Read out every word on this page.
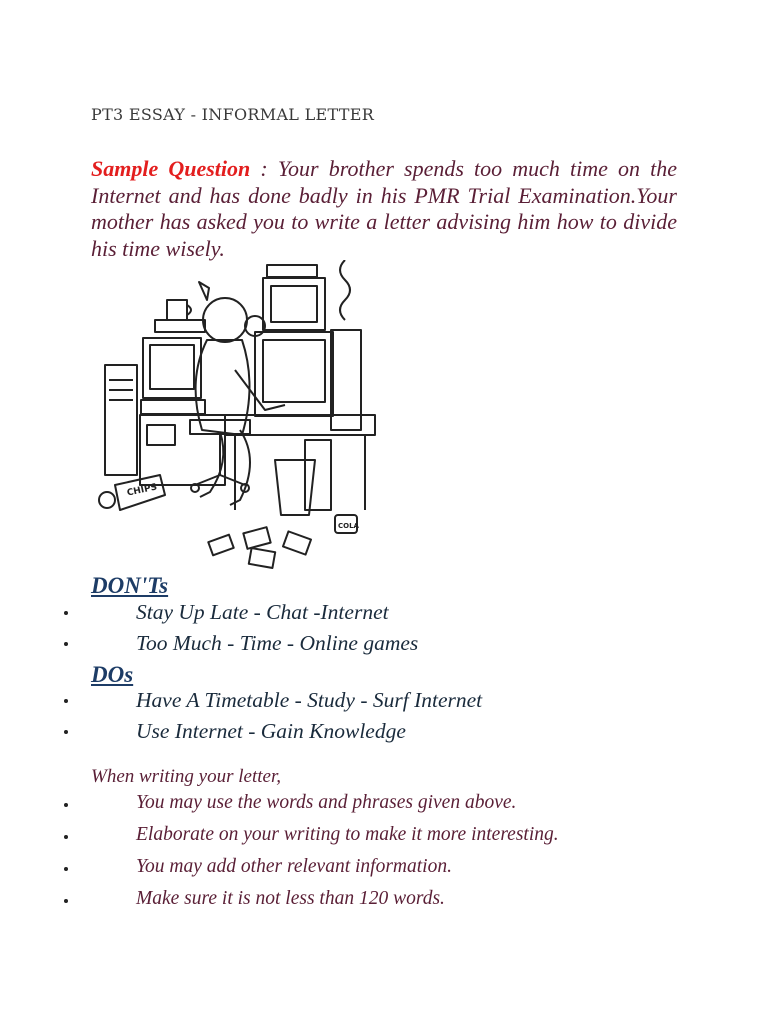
PT3 ESSAY - INFORMAL LETTER
Sample Question : Your brother spends too much time on the Internet and has done badly in his PMR Trial Examination.Your mother has asked you to write a letter advising him how to divide his time wisely.
CHIPS
COLA
DON'Ts
Stay Up Late - Chat -Internet
Too Much - Time - Online games
DOs
Have A Timetable - Study - Surf Internet
Use Internet - Gain Knowledge
When writing your letter,
You may use the words and phrases given above.
Elaborate on your writing to make it more interesting.
You may add other relevant information.
Make sure it is not less than 120 words.
